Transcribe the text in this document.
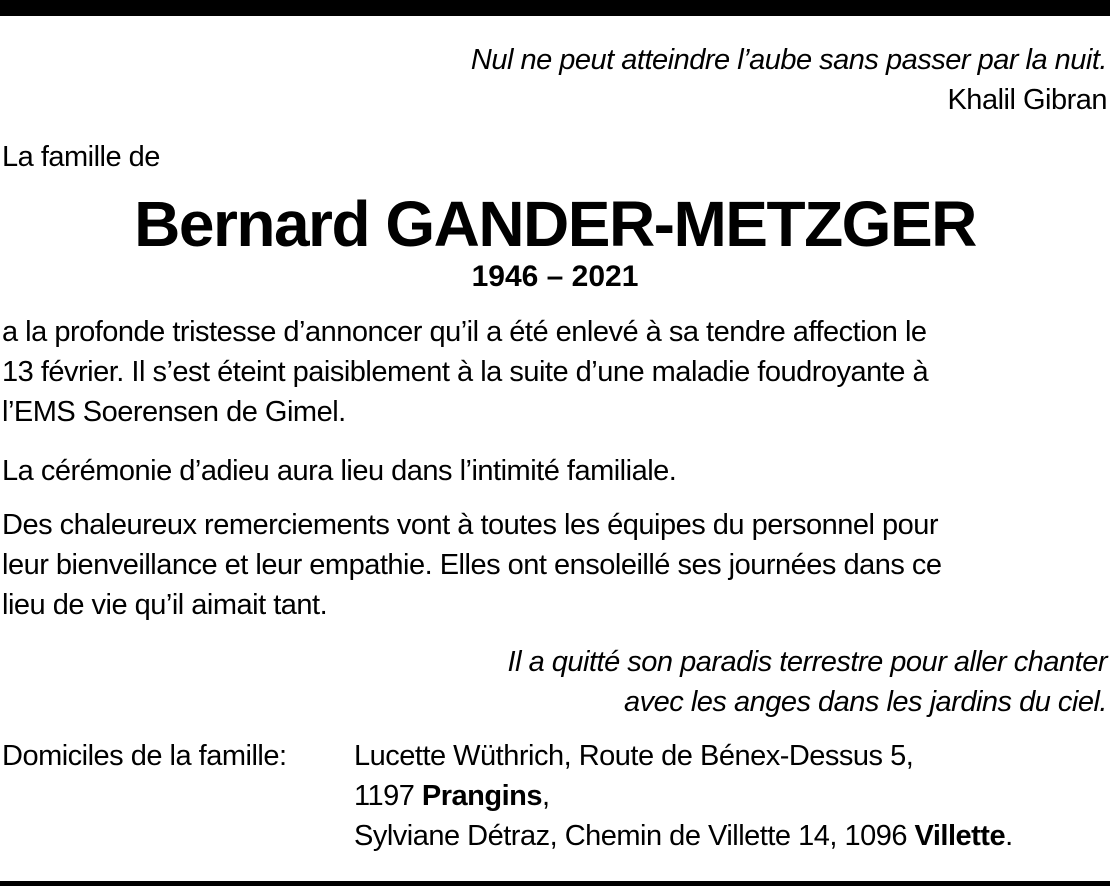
Nul ne peut atteindre l’aube sans passer par la nuit.
Khalil Gibran
La famille de
Bernard GANDER-METZGER
1946 – 2021
a la profonde tristesse d’annoncer qu’il a été enlevé à sa tendre affection le
13 février. Il s’est éteint paisiblement à la suite d’une maladie foudroyante à
l’EMS Soerensen de Gimel.
La cérémonie d’adieu aura lieu dans l’intimité familiale.
Des chaleureux remerciements vont à toutes les équipes du personnel pour
leur bienveillance et leur empathie. Elles ont ensoleillé ses journées dans ce
lieu de vie qu’il aimait tant.
Il a quitté son paradis terrestre pour aller chanter
avec les anges dans les jardins du ciel.
Domiciles de la famille: Lucette Wüthrich, Route de Bénex-Dessus 5,
1197 Prangins,
Sylviane Détraz, Chemin de Villette 14, 1096 Villette.
